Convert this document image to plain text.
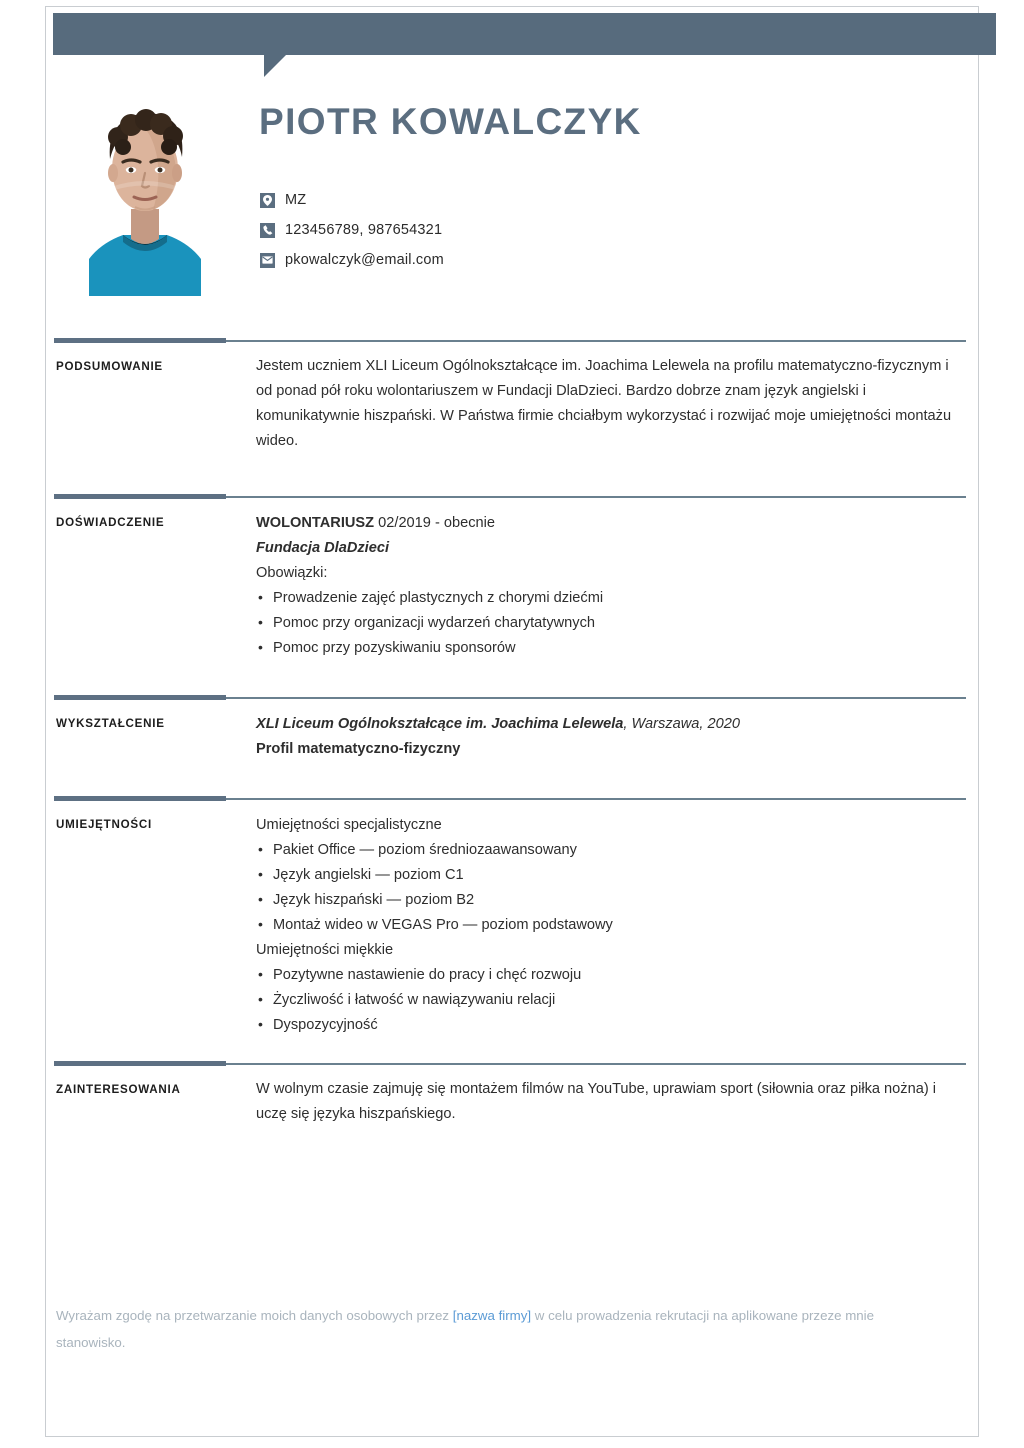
PIOTR KOWALCZYK
MZ
123456789, 987654321
pkowalczyk@email.com
PODSUMOWANIE	Jestem uczniem XLI Liceum Ogólnokształcące im. Joachima Lelewela na profilu matematyczno-fizycznym i od ponad pół roku wolontariuszem w Fundacji DlaDzieci. Bardzo dobrze znam język angielski i komunikatywnie hiszpański. W Państwa firmie chciałbym wykorzystać i rozwijać moje umiejętności montażu wideo.

DOŚWIADCZENIE	WOLONTARIUSZ 02/2019 - obecnie

Fundacja DlaDzieci

Obowiązki:

• Prowadzenie zajęć plastycznych z chorymi dziećmi
• Pomoc przy organizacji wydarzeń charytatywnych
• Pomoc przy pozyskiwaniu sponsorów
WYKSZTAŁCENIE	XLI Liceum Ogólnokształcące im. Joachima Lelewela, Warszawa, 2020

Profil matematyczno-fizyczny

UMIEJĘTNOŚCI	Umiejętności specjalistyczne

• Pakiet Office — poziom średniozaawansowany
• Język angielski — poziom C1
• Język hiszpański — poziom B2
• Montaż wideo w VEGAS Pro — poziom podstawowy

Umiejętności miękkie

• Pozytywne nastawienie do pracy i chęć rozwoju
• Życzliwość i łatwość w nawiązywaniu relacji
• Dyspozycyjność
ZAINTERESOWANIA	W wolnym czasie zajmuję się montażem filmów na YouTube, uprawiam sport (siłownia oraz piłka nożna) i uczę się języka hiszpańskiego.

Wyrażam zgodę na przetwarzanie moich danych osobowych przez [nazwa firmy] w celu prowadzenia rekrutacji na aplikowane przeze mnie stanowisko.
